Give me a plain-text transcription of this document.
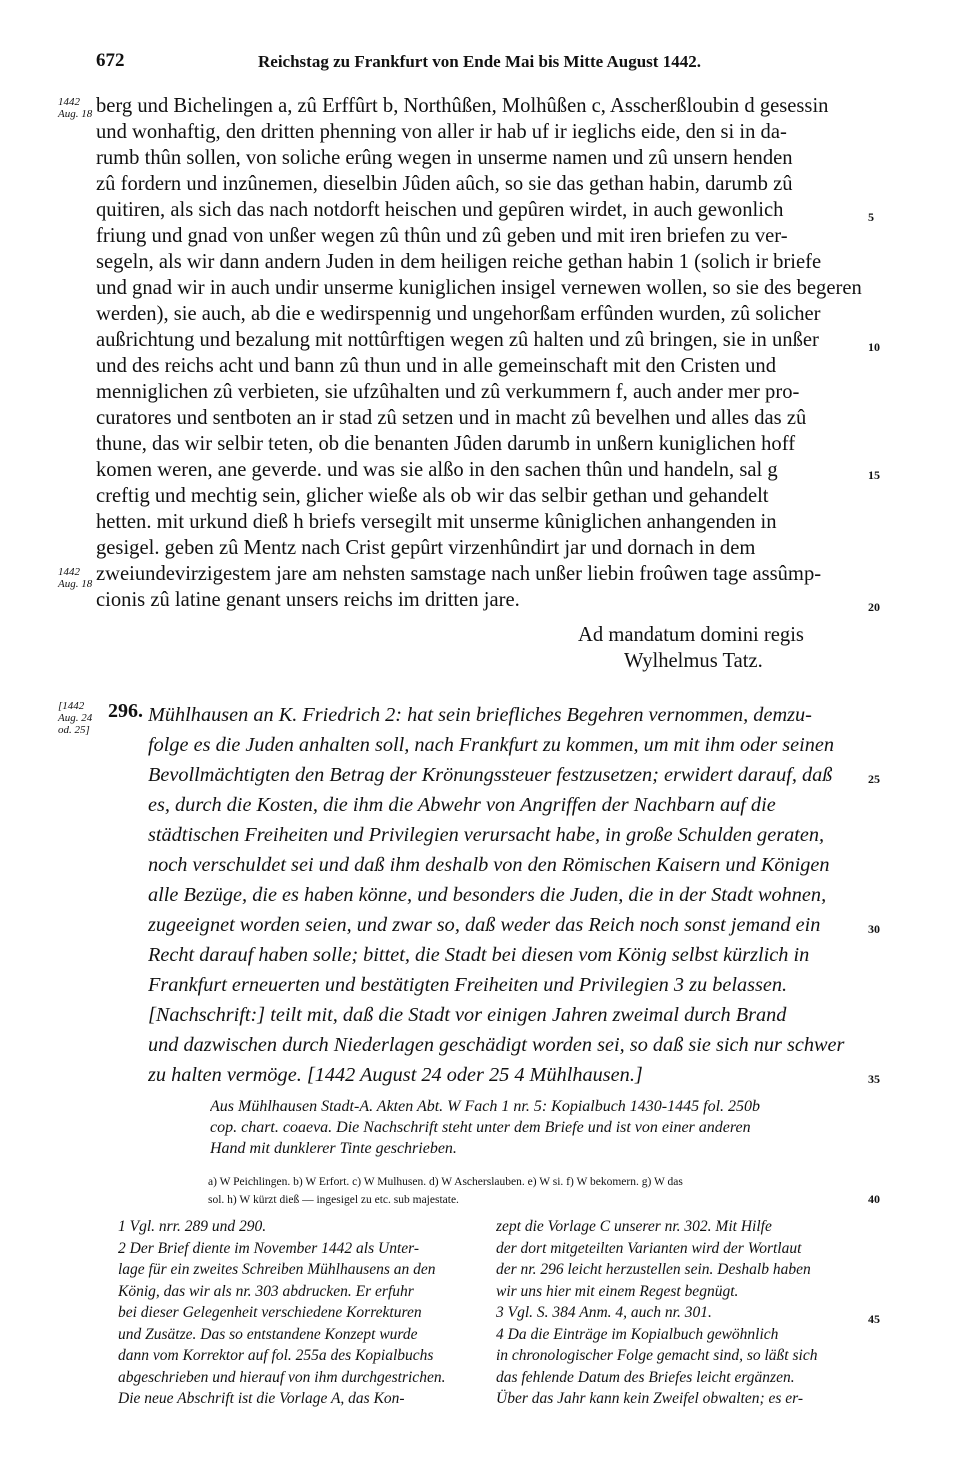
672	Reichstag zu Frankfurt von Ende Mai bis Mitte August 1442.
1442
Aug. 18 berg und Bichelingen a, zû Erffûrt b, Northûßen, Molhûßen c, Asscherßloubin d gesessin
und wonhaftig, den dritten phenning von aller ir hab uf ir ieglichs eide, den si in da-
rumb thûn sollen, von soliche erûng wegen in unserme namen und zû unsern henden
zû fordern und inzûnemen, dieselbin Jûden aûch, so sie das gethan habin, darumb zû
quitiren, als sich das nach notdorft heischen und gepûren wirdet, in auch gewonlich
friung und gnad von unßer wegen zû thûn und zû geben und mit iren briefen zu ver-
segeln, als wir dann andern Juden in dem heiligen reiche gethan habin 1 (solich ir briefe
und gnad wir in auch undir unserme kuniglichen insigel vernewen wollen, so sie des begeren
werden), sie auch, ab die e wedirspennig und ungehorßam erfûnden wurden, zû solicher
außrichtung und bezalung mit nottûrftigen wegen zû halten und zû bringen, sie in unßer
und des reichs acht und bann zû thun und in alle gemeinschaft mit den Cristen und
menniglichen zû verbieten, sie ufzûhalten und zû verkummern f, auch ander mer pro-
curatores und sentboten an ir stad zû setzen und in macht zû bevelhen und alles das zû
thune, das wir selbir teten, ob die benanten Jûden darumb in unßern kuniglichen hoff
komen weren, ane geverde. und was sie alßo in den sachen thûn und handeln, sal g
creftig und mechtig sein, glicher wieße als ob wir das selbir gethan und gehandelt
hetten. mit urkund dieß h briefs versegilt mit unserme kûniglichen anhangenden in
gesigel. geben zû Mentz nach Crist gepûrt virzenhûndirt jar und dornach in dem
zweiundevirzigestem jare am nehsten samstage nach unßer liebin froûwen tage assûmp-
cionis zû latine genant unsers reichs im dritten jare.
5
10
15
20
1442
Aug. 18
Ad mandatum domini regis
Wylhelmus Tatz.
[1442
Aug. 24
od. 25]
296. Mühlhausen an K. Friedrich 2: hat sein briefliches Begehren vernommen, demzu-
folge es die Juden anhalten soll, nach Frankfurt zu kommen, um mit ihm oder seinen
Bevollmächtigten den Betrag der Krönungssteuer festzusetzen; erwidert darauf, daß
es, durch die Kosten, die ihm die Abwehr von Angriffen der Nachbarn auf die
städtischen Freiheiten und Privilegien verursacht habe, in große Schulden geraten,
noch verschuldet sei und daß ihm deshalb von den Römischen Kaisern und Königen
alle Bezüge, die es haben könne, und besonders die Juden, die in der Stadt wohnen,
zugeeignet worden seien, und zwar so, daß weder das Reich noch sonst jemand ein
Recht darauf haben solle; bittet, die Stadt bei diesen vom König selbst kürzlich in
Frankfurt erneuerten und bestätigten Freiheiten und Privilegien 3 zu belassen.
[Nachschrift:] teilt mit, daß die Stadt vor einigen Jahren zweimal durch Brand
und dazwischen durch Niederlagen geschädigt worden sei, so daß sie sich nur schwer
zu halten vermöge. [1442 August 24 oder 25 4 Mühlhausen.]
25
30
35
Aus Mühlhausen Stadt-A. Akten Abt. W Fach 1 nr. 5: Kopialbuch 1430-1445 fol. 250b
cop. chart. coaeva. Die Nachschrift steht unter dem Briefe und ist von einer anderen
Hand mit dunklerer Tinte geschrieben.
a) W Peichlingen. b) W Erfort. c) W Mulhusen. d) W Ascherslauben. e) W si. f) W bekomern. g) W das
sol. h) W kürzt dieß — ingesigel zu etc. sub majestate.	40
1 Vgl. nrr. 289 und 290.
2 Der Brief diente im November 1442 als Unter-
lage für ein zweites Schreiben Mühlhausens an den
König, das wir als nr. 303 abdrucken. Er erfuhr
bei dieser Gelegenheit verschiedene Korrekturen
und Zusätze. Das so entstandene Konzept wurde
dann vom Korrektor auf fol. 255a des Kopialbuchs
abgeschrieben und hierauf von ihm durchgestrichen.
Die neue Abschrift ist die Vorlage A, das Kon-
zept die Vorlage C unserer nr. 302. Mit Hilfe
der dort mitgeteilten Varianten wird der Wortlaut
der nr. 296 leicht herzustellen sein. Deshalb haben
wir uns hier mit einem Regest begnügt.
3 Vgl. S. 384 Anm. 4, auch nr. 301.
4 Da die Einträge im Kopialbuch gewöhnlich
in chronologischer Folge gemacht sind, so läßt sich
das fehlende Datum des Briefes leicht ergänzen.
Über das Jahr kann kein Zweifel obwalten; es er-
45
